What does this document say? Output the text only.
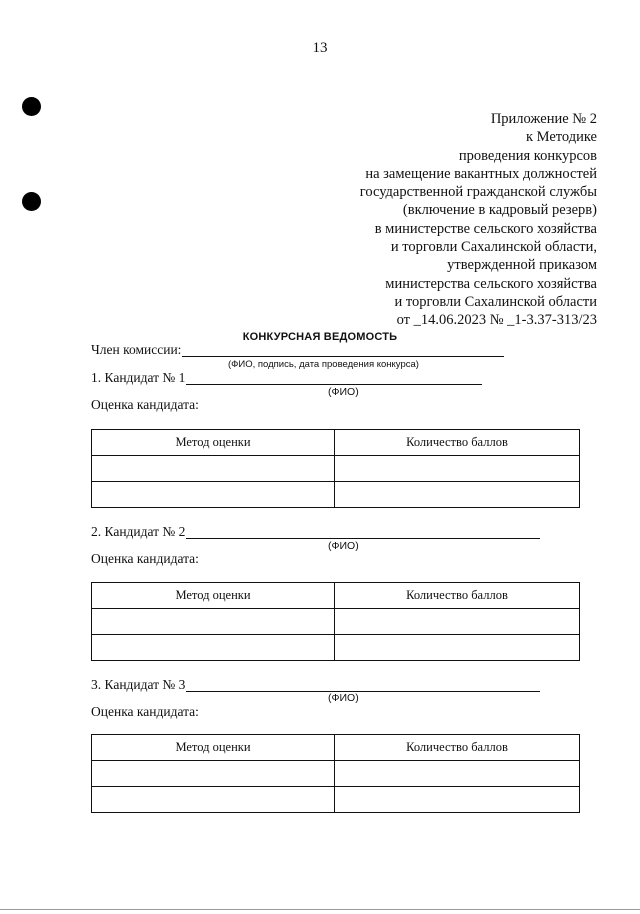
13
Приложение № 2
к Методике
проведения конкурсов
на замещение вакантных должностей
государственной гражданской службы
(включение в кадровый резерв)
в министерстве сельского хозяйства
и торговли Сахалинской области,
утвержденной приказом
министерства сельского хозяйства
и торговли Сахалинской области
от _14.06.2023 № _1-3.37-313/23
КОНКУРСНАЯ ВЕДОМОСТЬ
Член комиссии:
(ФИО, подпись, дата проведения конкурса)
1. Кандидат № 1
(ФИО)
Оценка кандидата:
Метод оценки	Количество баллов

2. Кандидат № 2
(ФИО)
Оценка кандидата:
Метод оценки	Количество баллов

3. Кандидат № 3
(ФИО)
Оценка кандидата:
Метод оценки	Количество баллов
